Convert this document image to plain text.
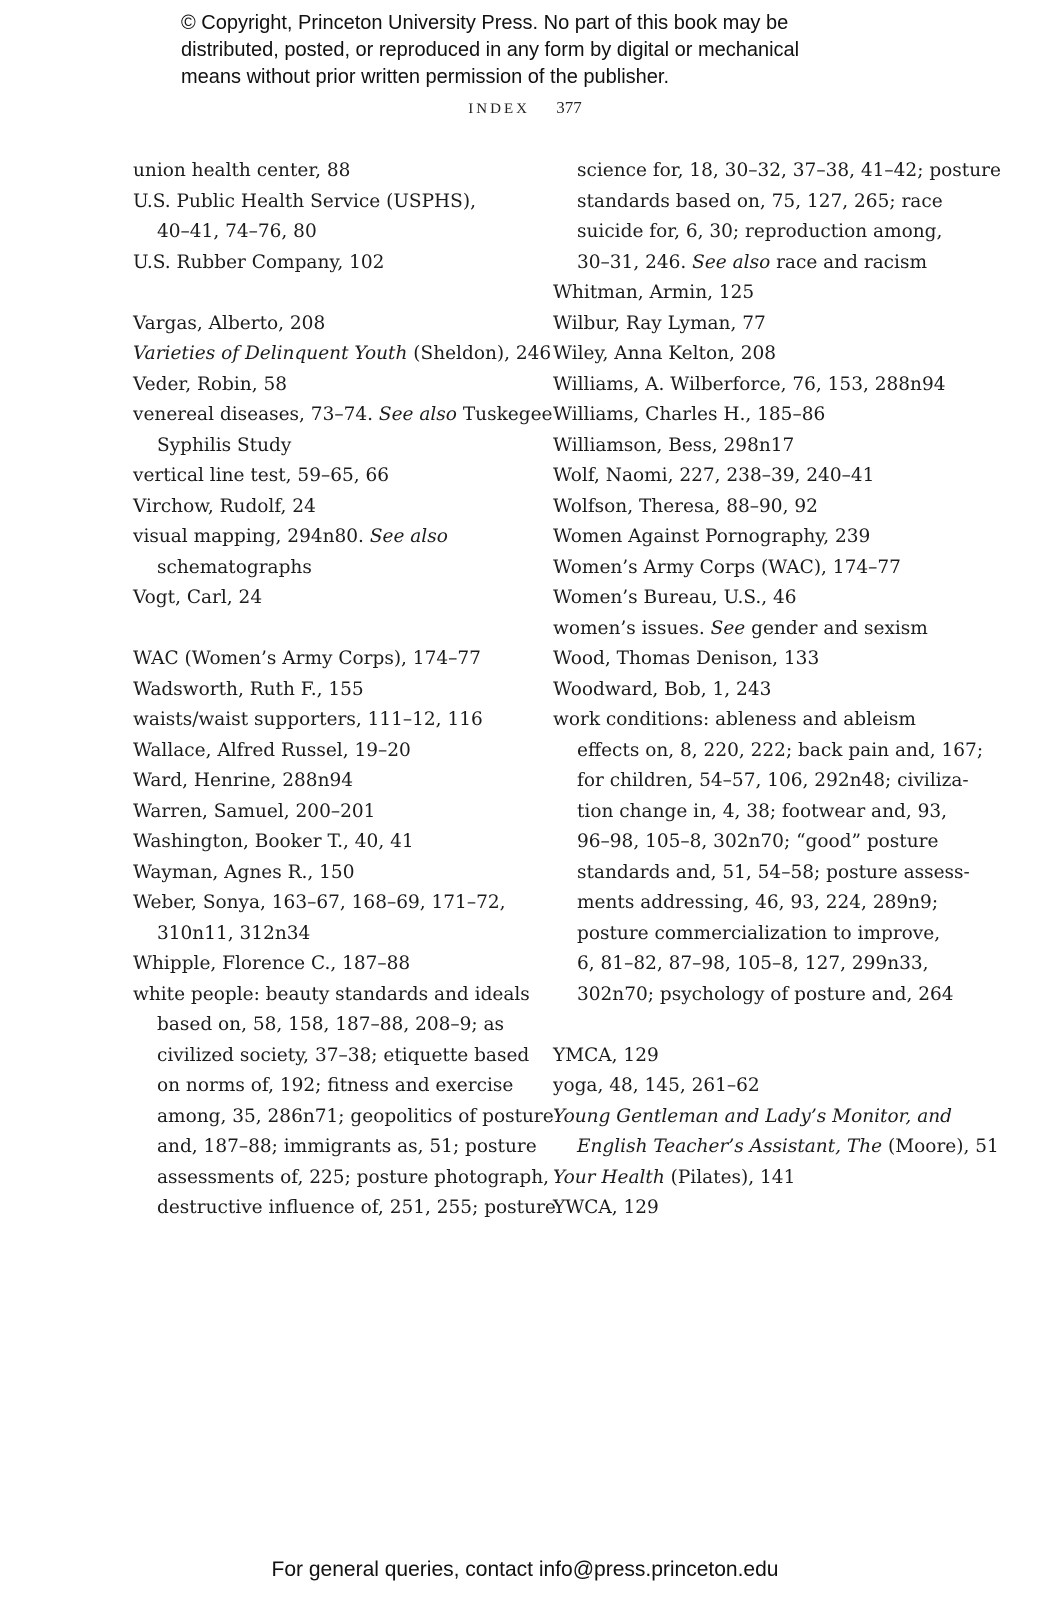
© Copyright, Princeton University Press. No part of this book may be
distributed, posted, or reproduced in any form by digital or mechanical
means without prior written permission of the publisher.
INDEX 377
union health center, 88
U.S. Public Health Service (USPHS),
40–41, 74–76, 80
U.S. Rubber Company, 102
Vargas, Alberto, 208
Varieties of Delinquent Youth (Sheldon), 246
Veder, Robin, 58
venereal diseases, 73–74. See also Tuskegee
Syphilis Study
vertical line test, 59–65, 66
Virchow, Rudolf, 24
visual mapping, 294n80. See also
schematographs
Vogt, Carl, 24
WAC (Women’s Army Corps), 174–77
Wadsworth, Ruth F., 155
waists/waist supporters, 111–12, 116
Wallace, Alfred Russel, 19–20
Ward, Henrine, 288n94
Warren, Samuel, 200–201
Washington, Booker T., 40, 41
Wayman, Agnes R., 150
Weber, Sonya, 163–67, 168–69, 171–72,
310n11, 312n34
Whipple, Florence C., 187–88
white people: beauty standards and ideals
based on, 58, 158, 187–88, 208–9; as
civilized society, 37–38; etiquette based
on norms of, 192; fitness and exercise
among, 35, 286n71; geopolitics of posture
and, 187–88; immigrants as, 51; posture
assessments of, 225; posture photograph,
destructive influence of, 251, 255; posture
science for, 18, 30–32, 37–38, 41–42; posture
standards based on, 75, 127, 265; race
suicide for, 6, 30; reproduction among,
30–31, 246. See also race and racism
Whitman, Armin, 125
Wilbur, Ray Lyman, 77
Wiley, Anna Kelton, 208
Williams, A. Wilberforce, 76, 153, 288n94
Williams, Charles H., 185–86
Williamson, Bess, 298n17
Wolf, Naomi, 227, 238–39, 240–41
Wolfson, Theresa, 88–90, 92
Women Against Pornography, 239
Women’s Army Corps (WAC), 174–77
Women’s Bureau, U.S., 46
women’s issues. See gender and sexism
Wood, Thomas Denison, 133
Woodward, Bob, 1, 243
work conditions: ableness and ableism
effects on, 8, 220, 222; back pain and, 167;
for children, 54–57, 106, 292n48; civiliza-
tion change in, 4, 38; footwear and, 93,
96–98, 105–8, 302n70; “good” posture
standards and, 51, 54–58; posture assess-
ments addressing, 46, 93, 224, 289n9;
posture commercialization to improve,
6, 81–82, 87–98, 105–8, 127, 299n33,
302n70; psychology of posture and, 264
YMCA, 129
yoga, 48, 145, 261–62
Young Gentleman and Lady’s Monitor, and
English Teacher’s Assistant, The (Moore), 51
Your Health (Pilates), 141
YWCA, 129
For general queries, contact info@press.princeton.edu
